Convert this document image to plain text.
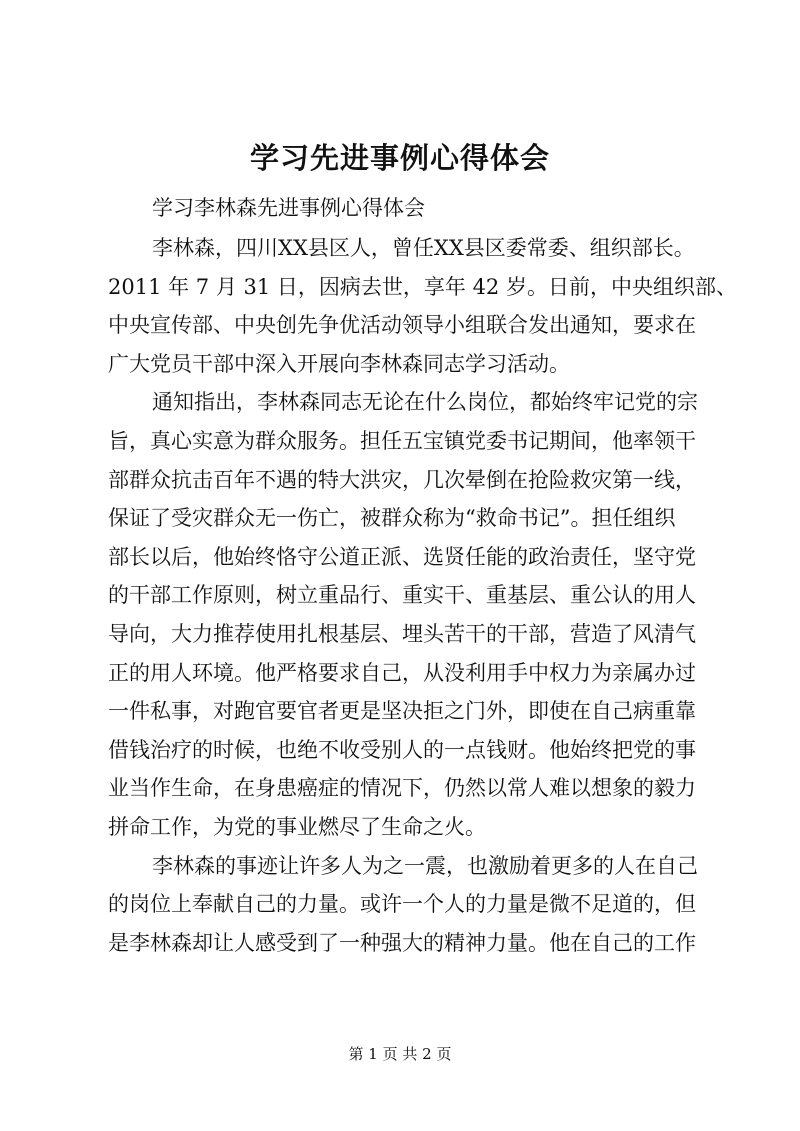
学习先进事例心得体会
学习李林森先进事例心得体会
李林森，四川XX县区人，曾任XX县区委常委、组织部长。
2011 年 7 月 31 日，因病去世，享年 42 岁。日前，中央组织部、
中央宣传部、中央创先争优活动领导小组联合发出通知，要求在
广大党员干部中深入开展向李林森同志学习活动。
通知指出，李林森同志无论在什么岗位，都始终牢记党的宗
旨，真心实意为群众服务。担任五宝镇党委书记期间，他率领干
部群众抗击百年不遇的特大洪灾，几次晕倒在抢险救灾第一线，
保证了受灾群众无一伤亡，被群众称为“救命书记”。担任组织
部长以后，他始终恪守公道正派、选贤任能的政治责任，坚守党
的干部工作原则，树立重品行、重实干、重基层、重公认的用人
导向，大力推荐使用扎根基层、埋头苦干的干部，营造了风清气
正的用人环境。他严格要求自己，从没利用手中权力为亲属办过
一件私事，对跑官要官者更是坚决拒之门外，即使在自己病重靠
借钱治疗的时候，也绝不收受别人的一点钱财。他始终把党的事
业当作生命，在身患癌症的情况下，仍然以常人难以想象的毅力
拼命工作，为党的事业燃尽了生命之火。
李林森的事迹让许多人为之一震，也激励着更多的人在自己
的岗位上奉献自己的力量。或许一个人的力量是微不足道的，但
是李林森却让人感受到了一种强大的精神力量。他在自己的工作
第 1 页 共 2 页
